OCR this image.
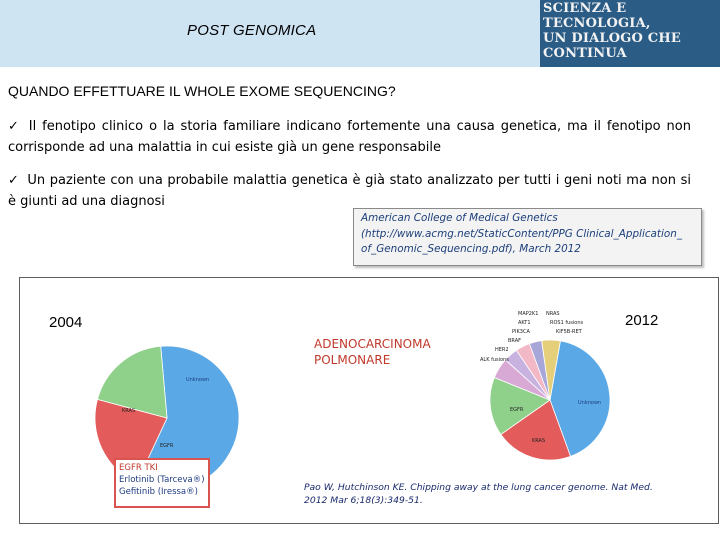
POST GENOMICA
SCIENZA E
TECNOLOGIA,
UN DIALOGO CHE
CONTINUA
QUANDO EFFETTUARE IL WHOLE EXOME SEQUENCING?
✓ Il fenotipo clinico o la storia familiare indicano fortemente una causa genetica, ma il fenotipo non corrisponde ad una malattia in cui esiste già un gene responsabile
✓ Un paziente con una probabile malattia genetica è già stato analizzato per tutti i geni noti ma non si è giunti ad una diagnosi
American College of Medical Genetics
(http://www.acmg.net/StaticContent/PPG Clinical_Application_
of_Genomic_Sequencing.pdf), March 2012
2004	2012
Unknown
KRAS
EGFR
EGFR TKI
Erlotinib (Tarceva®)
Gefitinib (Iressa®)
ADENOCARCINOMA
POLMONARE
Unknown
EGFR
KRAS
ALK fusions
HER2
BRAF
PIK3CA
AKT1
MAP2K1 NRAS
ROS1 fusions
KIF5B-RET
Pao W, Hutchinson KE. Chipping away at the lung cancer genome. Nat Med.
2012 Mar 6;18(3):349-51.
